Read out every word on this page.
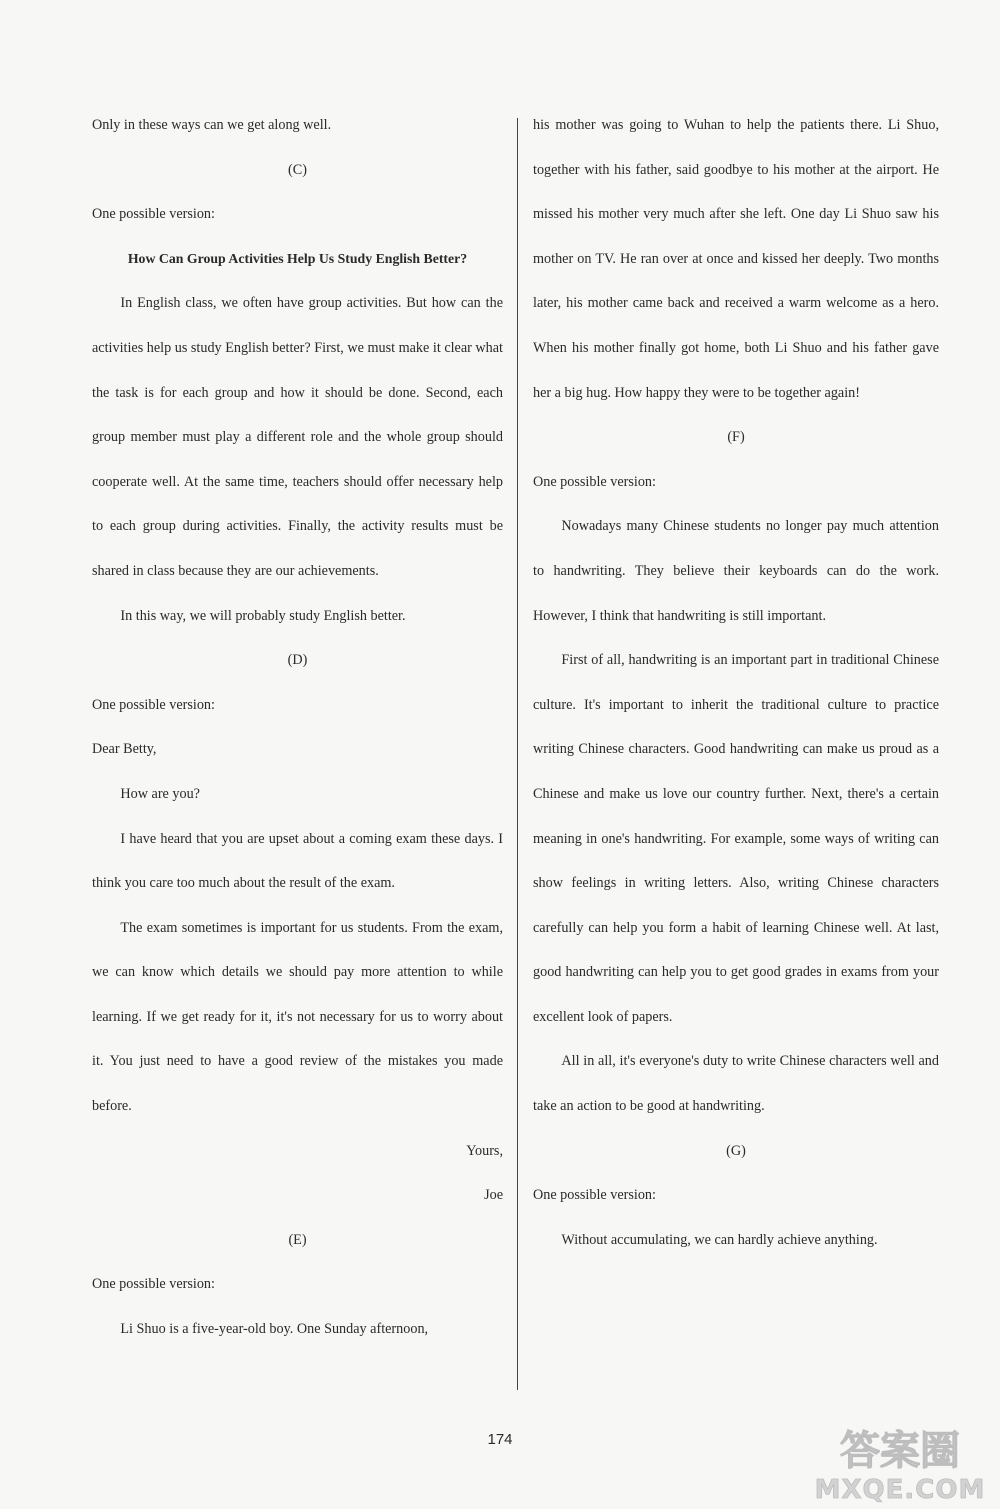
Only in these ways can we get along well.

(C)

One possible version:

How Can Group Activities Help Us Study English Better?

In English class, we often have group activities. But how can the activities help us study English better? First, we must make it clear what the task is for each group and how it should be done. Second, each group member must play a different role and the whole group should cooperate well. At the same time, teachers should offer necessary help to each group during activities. Finally, the activity results must be shared in class because they are our achievements.

In this way, we will probably study English better.

(D)

One possible version:

Dear Betty,

How are you?

I have heard that you are upset about a coming exam these days. I think you care too much about the result of the exam.

The exam sometimes is important for us students. From the exam, we can know which details we should pay more attention to while learning. If we get ready for it, it's not necessary for us to worry about it. You just need to have a good review of the mistakes you made before.

Yours,

Joe

(E)

One possible version:

Li Shuo is a five-year-old boy. One Sunday afternoon,

his mother was going to Wuhan to help the patients there. Li Shuo, together with his father, said goodbye to his mother at the airport. He missed his mother very much after she left. One day Li Shuo saw his mother on TV. He ran over at once and kissed her deeply. Two months later, his mother came back and received a warm welcome as a hero. When his mother finally got home, both Li Shuo and his father gave her a big hug. How happy they were to be together again!

(F)

One possible version:

Nowadays many Chinese students no longer pay much attention to handwriting. They believe their keyboards can do the work. However, I think that handwriting is still important.

First of all, handwriting is an important part in traditional Chinese culture. It's important to inherit the traditional culture to practice writing Chinese characters. Good handwriting can make us proud as a Chinese and make us love our country further. Next, there's a certain meaning in one's handwriting. For example, some ways of writing can show feelings in writing letters. Also, writing Chinese characters carefully can help you form a habit of learning Chinese well. At last, good handwriting can help you to get good grades in exams from your excellent look of papers.

All in all, it's everyone's duty to write Chinese characters well and take an action to be good at handwriting.

(G)

One possible version:

Without accumulating, we can hardly achieve anything.

174	答案圈
MXQE.COM
